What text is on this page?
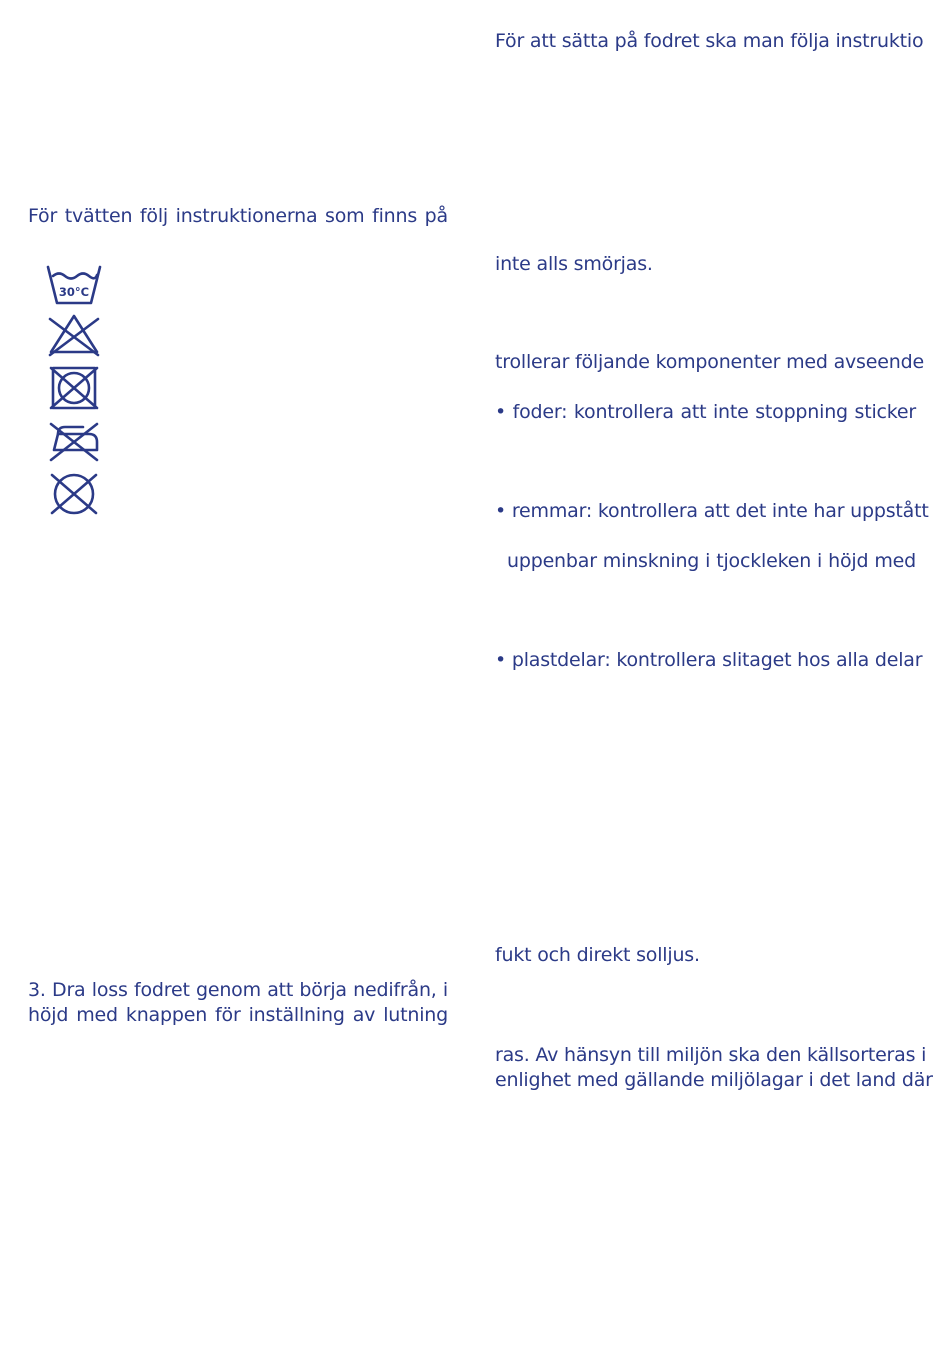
För att sätta på fodret ska man följa instruktio
inte alls smörjas.
trollerar följande komponenter med avseende
• foder: kontrollera att inte stoppning sticker
• remmar: kontrollera att det inte har uppstått
uppenbar minskning i tjockleken i höjd med
• plastdelar: kontrollera slitaget hos alla delar
fukt och direkt solljus.
ras. Av hänsyn till miljön ska den källsorteras i
enlighet med gällande miljölagar i det land där
För tvätten följ instruktionerna som finns på
30°C
3. Dra loss fodret genom att börja nedifrån, i
höjd med knappen för inställning av lutning
